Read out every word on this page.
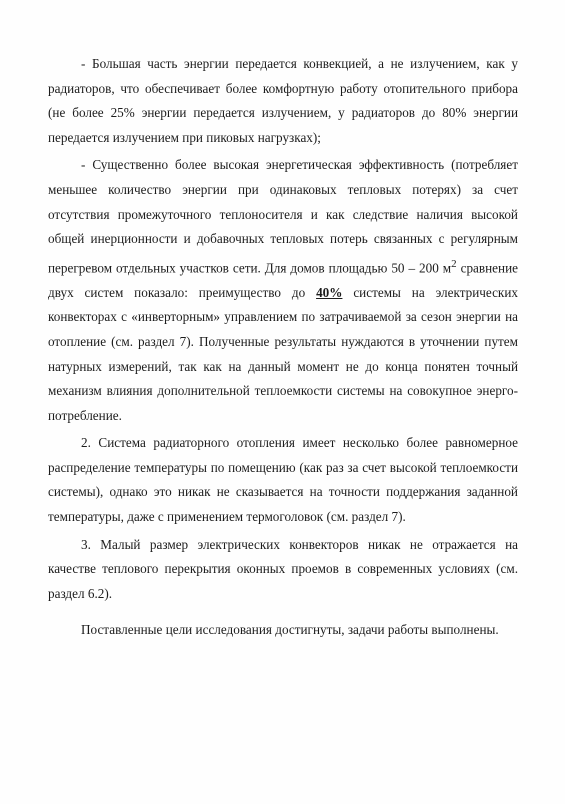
- Большая часть энергии передается конвекцией, а не излучением, как у радиаторов, что обеспечивает более комфортную работу отопительного прибора (не более 25% энергии передается излучением, у радиаторов до 80% энергии передается излучением при пиковых нагрузках);

- Существенно более высокая энергетическая эффективность (потребляет меньшее количество энергии при одинаковых тепловых потерях) за счет отсутствия промежуточного теплоносителя и как следствие наличия высокой общей инерционности и добавочных тепловых потерь связанных с регулярным перегревом отдельных участков сети. Для домов площадью 50 – 200 $м^2$ сравнение двух систем показало: преимущество до 40% системы на электрических конвекторах с «инверторным» управлением по затрачиваемой за сезон энергии на отопление (см. раздел 7). Полученные результаты нуждаются в уточнении путем натурных измерений, так как на данный момент не до конца понятен точный механизм влияния дополнительной теплоемкости системы на совокупное энерго-потребление.

2. Система радиаторного отопления имеет несколько более равномерное распределение температуры по помещению (как раз за счет высокой теплоемкости системы), однако это никак не сказывается на точности поддержания заданной температуры, даже с применением термоголовок (см. раздел 7).

3. Малый размер электрических конвекторов никак не отражается на качестве теплового перекрытия оконных проемов в современных условиях (см. раздел 6.2).

Поставленные цели исследования достигнуты, задачи работы выполнены.
